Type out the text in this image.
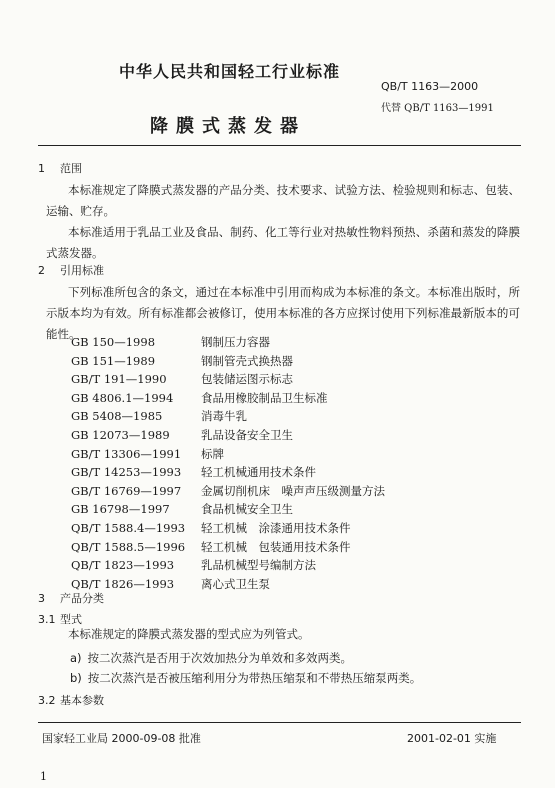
中华人民共和国轻工行业标准
QB/T 1163—2000
代替 QB/T 1163—1991
降膜式蒸发器
1 范围
本标准规定了降膜式蒸发器的产品分类、技术要求、试验方法、检验规则和标志、包装、运输、贮存。
本标准适用于乳品工业及食品、制药、化工等行业对热敏性物料预热、杀菌和蒸发的降膜式蒸发器。
2 引用标准
下列标准所包含的条文，通过在本标准中引用而构成为本标准的条文。本标准出版时，所示版本均为有效。所有标准都会被修订，使用本标准的各方应探讨使用下列标准最新版本的可能性。
GB 150—1998	钢制压力容器
GB 151—1989	钢制管壳式换热器
GB/T 191—1990	包装储运图示标志
GB 4806.1—1994 食品用橡胶制品卫生标准
GB 5408—1985	消毒牛乳
GB 12073—1989	乳品设备安全卫生
GB/T 13306—1991 标牌
GB/T 14253—1993 轻工机械通用技术条件
GB/T 16769—1997 金属切削机床　噪声声压级测量方法
GB 16798—1997	食品机械安全卫生
QB/T 1588.4—1993 轻工机械　涂漆通用技术条件
QB/T 1588.5—1996 轻工机械　包装通用技术条件
QB/T 1823—1993 乳品机械型号编制方法
QB/T 1826—1993 离心式卫生泵
3 产品分类
3.1 型式
本标准规定的降膜式蒸发器的型式应为列管式。
a) 按二次蒸汽是否用于次效加热分为单效和多效两类。
b) 按二次蒸汽是否被压缩利用分为带热压缩泵和不带热压缩泵两类。
3.2 基本参数
国家轻工业局 2000-09-08 批准	2001-02-01 实施
1
